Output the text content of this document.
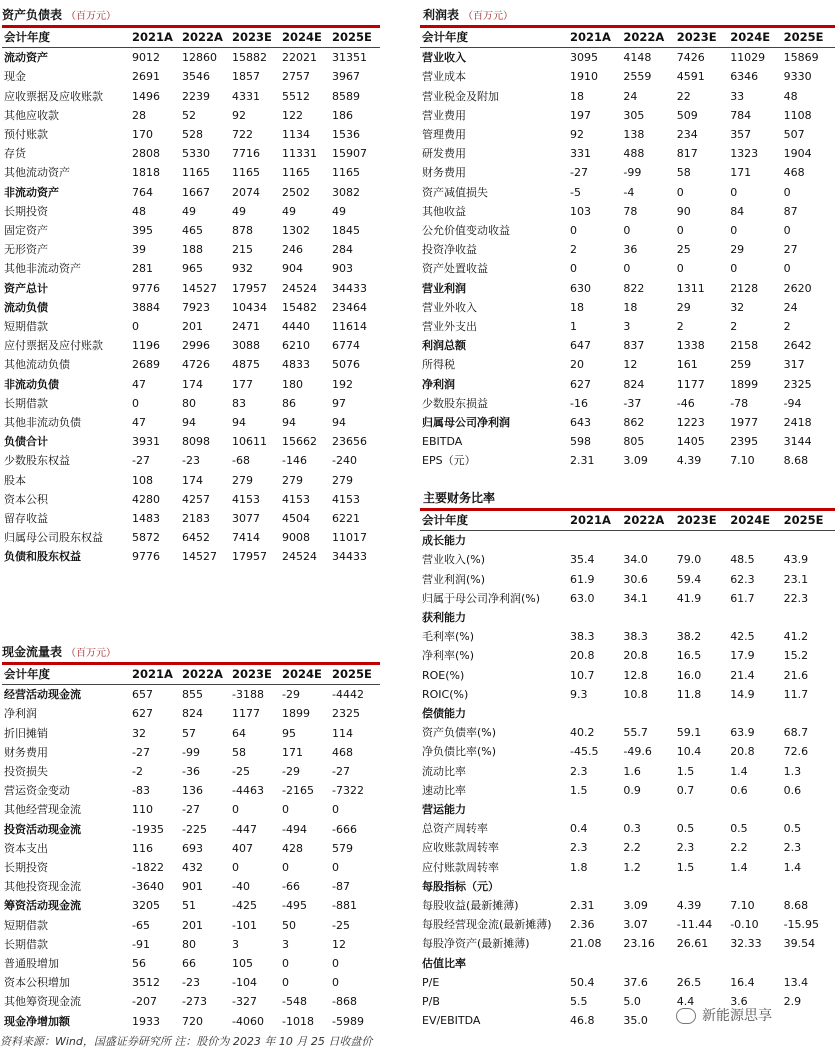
资产负债表 （百万元）
会计年度	2021A	2022A	2023E	2024E	2025E
流动资产	9012	12860	15882	22021	31351
现金	2691	3546	1857	2757	3967
应收票据及应收账款	1496	2239	4331	5512	8589
其他应收款	28	52	92	122	186
预付账款	170	528	722	1134	1536
存货	2808	5330	7716	11331	15907
其他流动资产	1818	1165	1165	1165	1165
非流动资产	764	1667	2074	2502	3082
长期投资	48	49	49	49	49
固定资产	395	465	878	1302	1845
无形资产	39	188	215	246	284
其他非流动资产	281	965	932	904	903
资产总计	9776	14527	17957	24524	34433
流动负债	3884	7923	10434	15482	23464
短期借款	0	201	2471	4440	11614
应付票据及应付账款	1196	2996	3088	6210	6774
其他流动负债	2689	4726	4875	4833	5076
非流动负债	47	174	177	180	192
长期借款	0	80	83	86	97
其他非流动负债	47	94	94	94	94
负债合计	3931	8098	10611	15662	23656
少数股东权益	-27	-23	-68	-146	-240
股本	108	174	279	279	279
资本公积	4280	4257	4153	4153	4153
留存收益	1483	2183	3077	4504	6221
归属母公司股东权益	5872	6452	7414	9008	11017
负债和股东权益	9776	14527	17957	24524	34433
利润表 （百万元）
会计年度	2021A	2022A	2023E	2024E	2025E
营业收入	3095	4148	7426	11029	15869
营业成本	1910	2559	4591	6346	9330
营业税金及附加	18	24	22	33	48
营业费用	197	305	509	784	1108
管理费用	92	138	234	357	507
研发费用	331	488	817	1323	1904
财务费用	-27	-99	58	171	468
资产减值损失	-5	-4	0	0	0
其他收益	103	78	90	84	87
公允价值变动收益	0	0	0	0	0
投资净收益	2	36	25	29	27
资产处置收益	0	0	0	0	0
营业利润	630	822	1311	2128	2620
营业外收入	18	18	29	32	24
营业外支出	1	3	2	2	2
利润总额	647	837	1338	2158	2642
所得税	20	12	161	259	317
净利润	627	824	1177	1899	2325
少数股东损益	-16	-37	-46	-78	-94
归属母公司净利润	643	862	1223	1977	2418
EBITDA	598	805	1405	2395	3144
EPS（元）	2.31	3.09	4.39	7.10	8.68
主要财务比率
会计年度	2021A	2022A	2023E	2024E	2025E
成长能力					
营业收入(%)	35.4	34.0	79.0	48.5	43.9
营业利润(%)	61.9	30.6	59.4	62.3	23.1
归属于母公司净利润(%)	63.0	34.1	41.9	61.7	22.3
获利能力					
毛利率(%)	38.3	38.3	38.2	42.5	41.2
净利率(%)	20.8	20.8	16.5	17.9	15.2
ROE(%)	10.7	12.8	16.0	21.4	21.6
ROIC(%)	9.3	10.8	11.8	14.9	11.7
偿债能力					
资产负债率(%)	40.2	55.7	59.1	63.9	68.7
净负债比率(%)	-45.5	-49.6	10.4	20.8	72.6
流动比率	2.3	1.6	1.5	1.4	1.3
速动比率	1.5	0.9	0.7	0.6	0.6
营运能力					
总资产周转率	0.4	0.3	0.5	0.5	0.5
应收账款周转率	2.3	2.2	2.3	2.2	2.3
应付账款周转率	1.8	1.2	1.5	1.4	1.4
每股指标（元）					
每股收益(最新摊薄)	2.31	3.09	4.39	7.10	8.68
每股经营现金流(最新摊薄)	2.36	3.07	-11.44	-0.10	-15.95
每股净资产(最新摊薄)	21.08	23.16	26.61	32.33	39.54
估值比率					
P/E	50.4	37.6	26.5	16.4	13.4
P/B	5.5	5.0	4.4	3.6	2.9
EV/EBITDA	46.8	35.0			
现金流量表 （百万元）
会计年度	2021A	2022A	2023E	2024E	2025E
经营活动现金流	657	855	-3188	-29	-4442
净利润	627	824	1177	1899	2325
折旧摊销	32	57	64	95	114
财务费用	-27	-99	58	171	468
投资损失	-2	-36	-25	-29	-27
营运资金变动	-83	136	-4463	-2165	-7322
其他经营现金流	110	-27	0	0	0
投资活动现金流	-1935	-225	-447	-494	-666
资本支出	116	693	407	428	579
长期投资	-1822	432	0	0	0
其他投资现金流	-3640	901	-40	-66	-87
筹资活动现金流	3205	51	-425	-495	-881
短期借款	-65	201	-101	50	-25
长期借款	-91	80	3	3	12
普通股增加	56	66	105	0	0
资本公积增加	3512	-23	-104	0	0
其他筹资现金流	-207	-273	-327	-548	-868
现金净增加额	1933	720	-4060	-1018	-5989	新能源思享
资料来源：Wind，国盛证券研究所 注：股价为 2023 年 10 月 25 日收盘价
